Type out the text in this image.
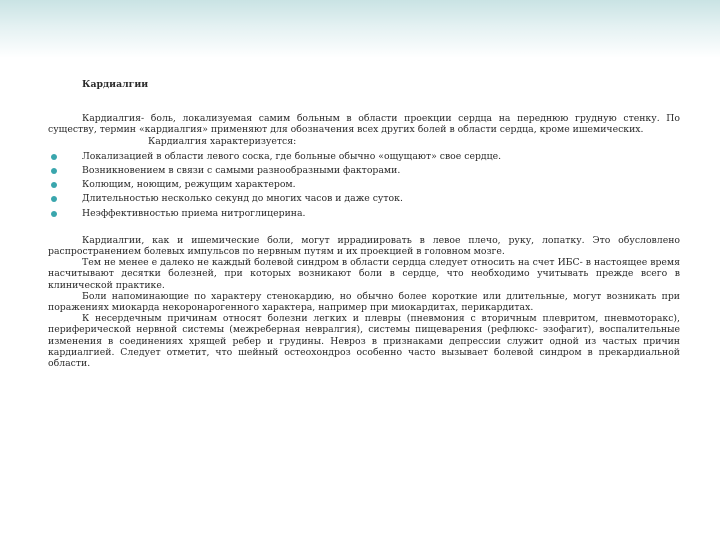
Кардиалгии

Кардиалгия- боль, локализуемая самим больным в области проекции сердца на переднюю грудную стенку. По существу, термин «кардиалгия» применяют для обозначения всех других болей в области сердца, кроме ишемических.

Кардиалгия характеризуется:

Локализацией в области левого соска, где больные обычно «ощущают» свое сердце.
Возникновением в связи с самыми разнообразными факторами.
Колющим, ноющим, режущим характером.
Длительностью несколько секунд до многих часов и даже суток.
Неэффективностью приема нитроглицерина.

Кардиалгии, как и ишемические боли, могут иррадиировать в левое плечо, руку, лопатку. Это обусловлено распространением болевых импульсов по нервным путям и их проекцией в головном мозге.

Тем не менее е далеко не каждый болевой синдром в области сердца следует относить на счет ИБС- в настоящее время насчитывают десятки болезней, при которых возникают боли в сердце, что необходимо учитывать прежде всего в клинической практике.

Боли напоминающие по характеру стенокардию, но обычно более короткие или длительные, могут возникать при поражениях миокарда некоронарогенного характера, например при миокардитах, перикардитах.

К несердечным причинам относят болезни легких и плевры (пневмония с вторичным плевритом, пневмоторакс), периферической нервной системы (межреберная невралгия), системы пищеварения (рефлюкс- эзофагит), воспалительные изменения в соединениях хрящей ребер и грудины. Невроз в признаками депрессии служит одной из частых причин кардиалгией. Следует отметит, что шейный остеохондроз особенно часто вызывает болевой синдром в прекардиальной области.
